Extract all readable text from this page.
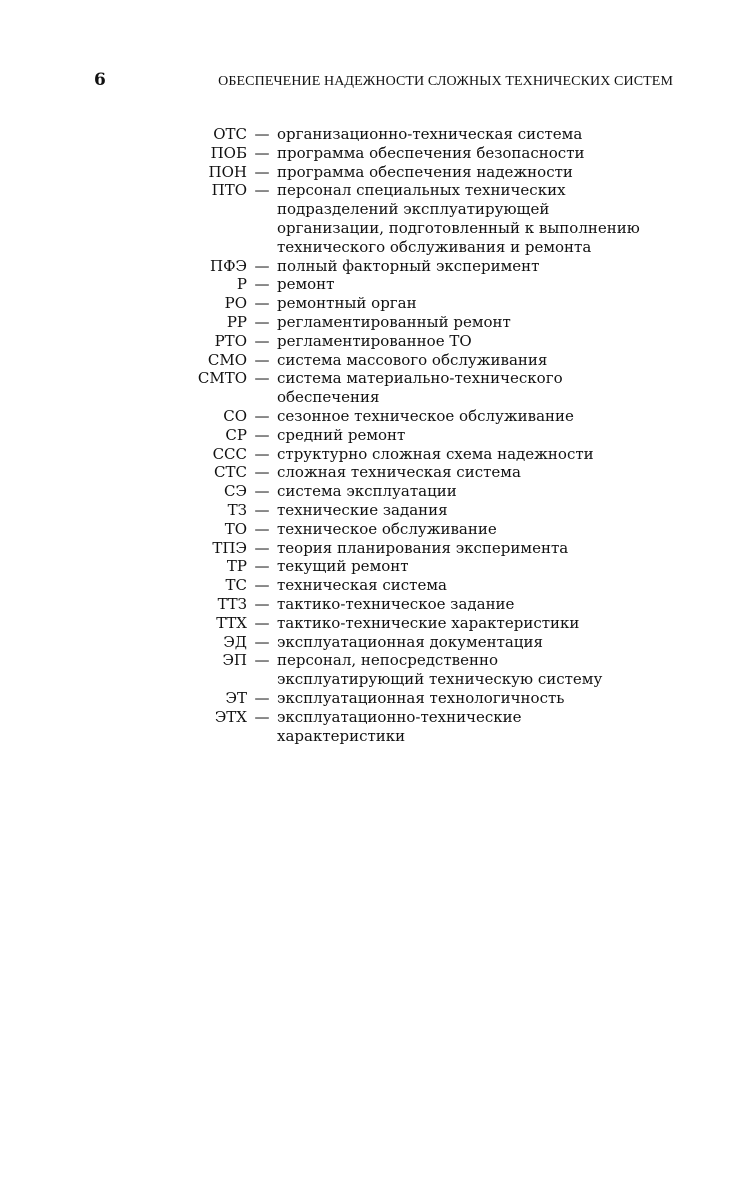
6	ОБЕСПЕЧЕНИЕ НАДЕЖНОСТИ СЛОЖНЫХ ТЕХНИЧЕСКИХ СИСТЕМ
ОТС — организационно-техническая система
ПОБ — программа обеспечения безопасности
ПОН — программа обеспечения надежности
ПТО — персонал специальных технических
подразделений эксплуатирующей
организации, подготовленный к выполнению
технического обслуживания и ремонта
ПФЭ — полный факторный эксперимент
Р — ремонт
РО — ремонтный орган
РР — регламентированный ремонт
РТО — регламентированное ТО
СМО — система массового обслуживания
СМТО — система материально-технического
обеспечения
СО — сезонное техническое обслуживание
СР — средний ремонт
ССС — структурно сложная схема надежности
СТС — сложная техническая система
СЭ — система эксплуатации
ТЗ — технические задания
ТО — техническое обслуживание
ТПЭ — теория планирования эксперимента
ТР — текущий ремонт
ТС — техническая система
ТТЗ — тактико-техническое задание
ТТХ — тактико-технические характеристики
ЭД — эксплуатационная документация
ЭП — персонал, непосредственно
эксплуатирующий техническую систему
ЭТ — эксплуатационная технологичность
ЭТХ — эксплуатационно-технические
характеристики
